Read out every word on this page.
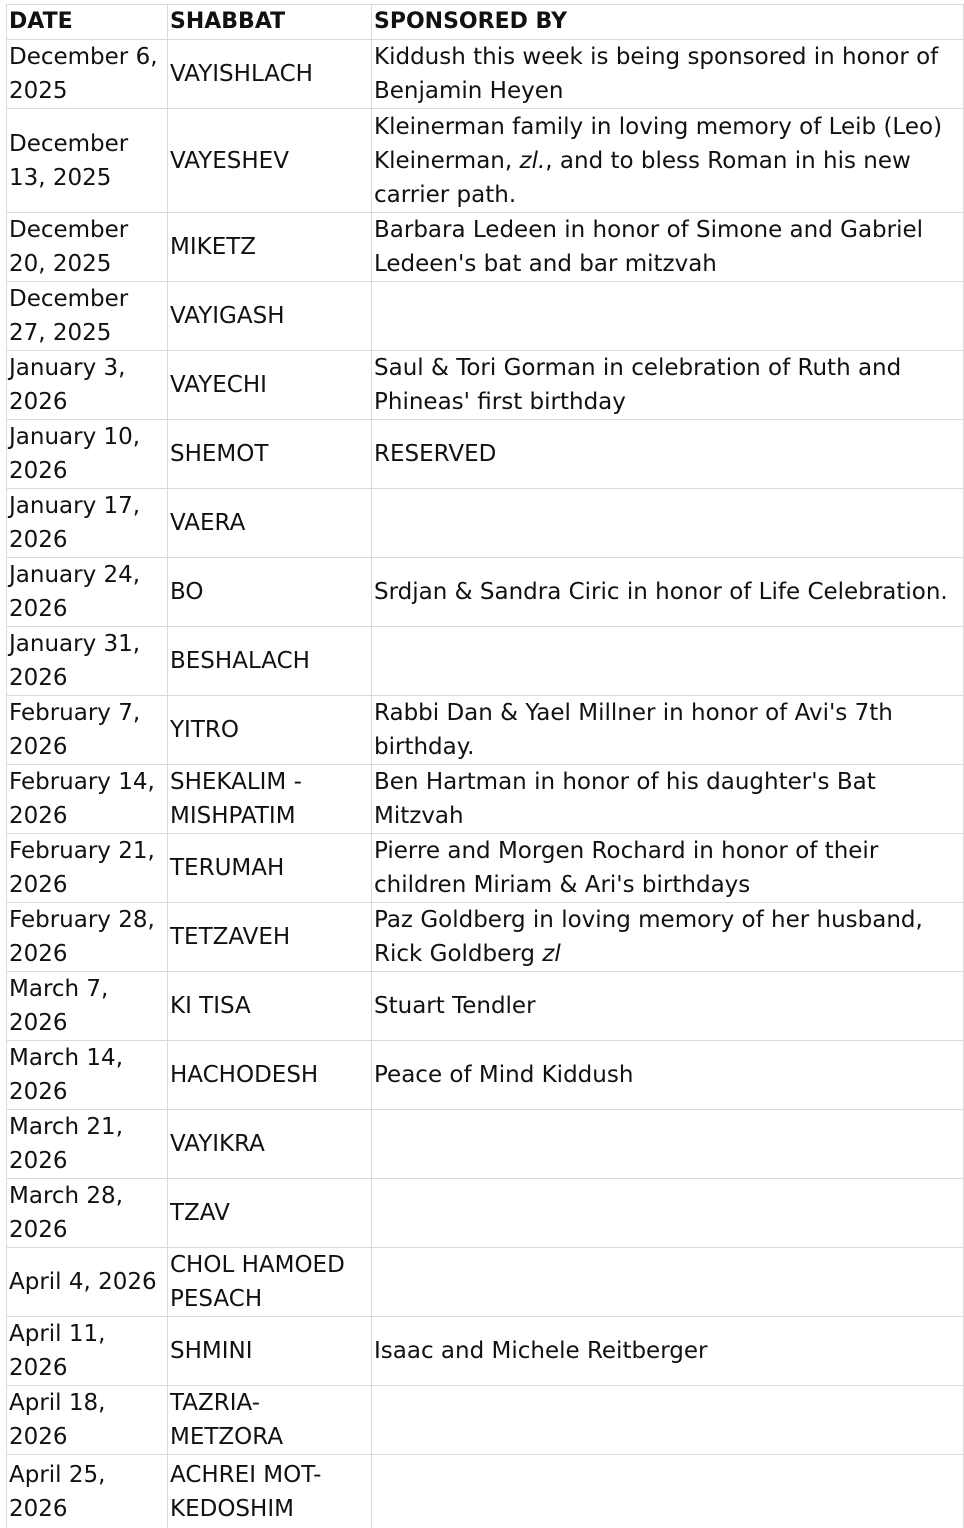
DATE	SHABBAT	SPONSORED BY
December 6, 2025	VAYISHLACH	Kiddush this week is being sponsored in honor of Benjamin Heyen
December 13, 2025	VAYESHEV	Kleinerman family in loving memory of Leib (Leo) Kleinerman, zl., and to bless Roman in his new carrier path.
December 20, 2025	MIKETZ	Barbara Ledeen in honor of Simone and Gabriel Ledeen's bat and bar mitzvah
December 27, 2025	VAYIGASH	
January 3, 2026	VAYECHI	Saul & Tori Gorman in celebration of Ruth and Phineas' first birthday
January 10, 2026	SHEMOT	RESERVED
January 17, 2026	VAERA	
January 24, 2026	BO	Srdjan & Sandra Ciric in honor of Life Celebration.
January 31, 2026	BESHALACH	
February 7, 2026	YITRO	Rabbi Dan & Yael Millner in honor of Avi's 7th birthday.
February 14, 2026	SHEKALIM - MISHPATIM	Ben Hartman in honor of his daughter's Bat Mitzvah
February 21, 2026	TERUMAH	Pierre and Morgen Rochard in honor of their children Miriam & Ari's birthdays
February 28, 2026	TETZAVEH	Paz Goldberg in loving memory of her husband, Rick Goldberg zl
March 7, 2026	KI TISA	Stuart Tendler
March 14, 2026	HACHODESH	Peace of Mind Kiddush
March 21, 2026	VAYIKRA	
March 28, 2026	TZAV	
April 4, 2026	CHOL HAMOED PESACH	
April 11, 2026	SHMINI	Isaac and Michele Reitberger
April 18, 2026	TAZRIA-METZORA	
April 25, 2026	ACHREI MOT-KEDOSHIM	
